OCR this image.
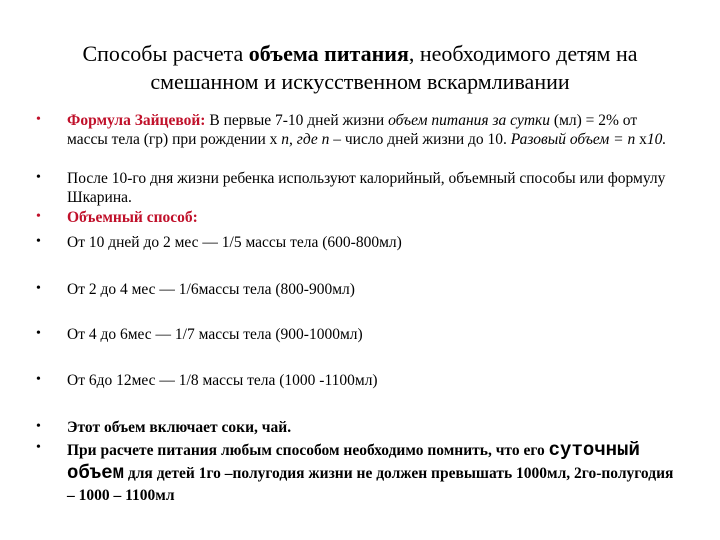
Способы расчета объема питания, необходимого детям на смешанном и искусственном вскармливании
• Формула Зайцевой: В первые 7-10 дней жизни объем питания за сутки (мл) = 2% от массы тела (гр) при рождении х n, где n – число дней жизни до 10. Разовый объем = n х10.
• После 10-го дня жизни ребенка используют калорийный, объемный способы или формулу Шкарина.
• Объемный способ:
• От 10 дней до 2 мес — 1/5 массы тела (600-800мл)
• От 2 до 4 мес — 1/6массы тела (800-900мл)
• От 4 до 6мес — 1/7 массы тела (900-1000мл)
• От 6до 12мес — 1/8 массы тела (1000 -1100мл)
• Этот объем включает соки, чай.
• При расчете питания любым способом необходимо помнить, что его суточный объем для детей 1го –полугодия жизни не должен превышать 1000мл, 2го-полугодия – 1000 – 1100мл
